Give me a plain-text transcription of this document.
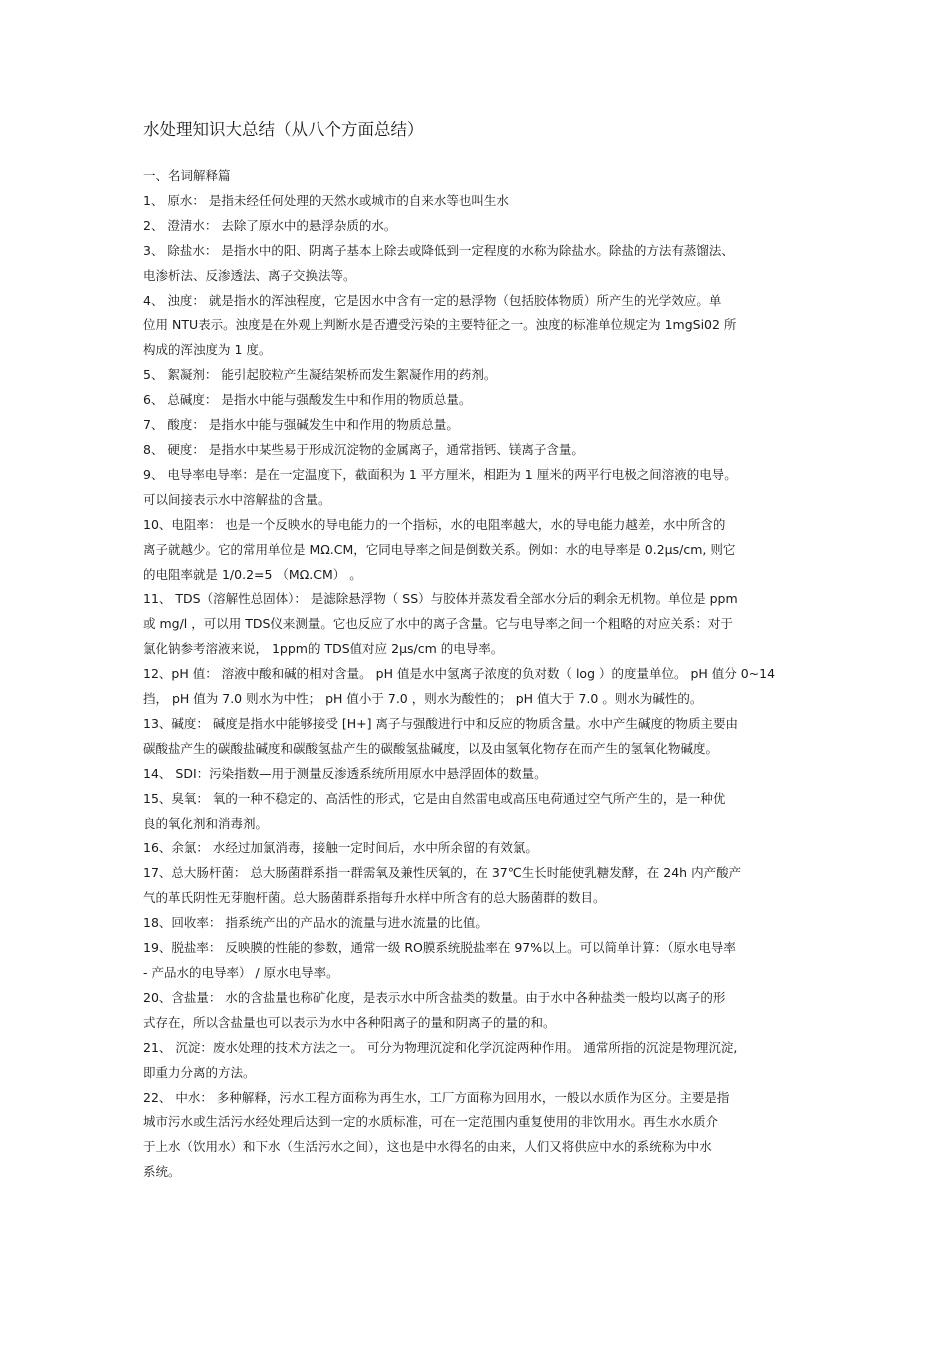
水处理知识大总结（从八个方面总结）
一、名词解释篇
1、 原水： 是指未经任何处理的天然水或城市的自来水等也叫生水
2、 澄清水： 去除了原水中的悬浮杂质的水。
3、 除盐水： 是指水中的阳、阴离子基本上除去或降低到一定程度的水称为除盐水。除盐的方法有蒸馏法、
电渗析法、反渗透法、离子交换法等。
4、 浊度： 就是指水的浑浊程度，它是因水中含有一定的悬浮物（包括胶体物质）所产生的光学效应。单
位用 NTU表示。浊度是在外观上判断水是否遭受污染的主要特征之一。浊度的标准单位规定为 1mgSi02 所
构成的浑浊度为 1 度。
5、 絮凝剂： 能引起胶粒产生凝结架桥而发生絮凝作用的药剂。
6、 总碱度： 是指水中能与强酸发生中和作用的物质总量。
7、 酸度： 是指水中能与强碱发生中和作用的物质总量。
8、 硬度： 是指水中某些易于形成沉淀物的金属离子，通常指钙、镁离子含量。
9、 电导率电导率：是在一定温度下，截面积为 1 平方厘米，相距为 1 厘米的两平行电极之间溶液的电导。
可以间接表示水中溶解盐的含量。
10、电阻率： 也是一个反映水的导电能力的一个指标，水的电阻率越大，水的导电能力越差，水中所含的
离子就越少。它的常用单位是 MΩ.CM，它同电导率之间是倒数关系。例如：水的电导率是 0.2μs/cm, 则它
的电阻率就是 1/0.2=5 （MΩ.CM） 。
11、 TDS（溶解性总固体）： 是滤除悬浮物（ SS）与胶体并蒸发看全部水分后的剩余无机物。单位是 ppm
或 mg/l ，可以用 TDS仪来测量。它也反应了水中的离子含量。它与电导率之间一个粗略的对应关系：对于
氯化钠参考溶液来说， 1ppm的 TDS值对应 2μs/cm 的电导率。
12、pH 值： 溶液中酸和碱的相对含量。 pH 值是水中氢离子浓度的负对数（ log ）的度量单位。 pH 值分 0~14
挡， pH 值为 7.0 则水为中性； pH 值小于 7.0 ，则水为酸性的； pH 值大于 7.0 。则水为碱性的。
13、碱度： 碱度是指水中能够接受 [H+] 离子与强酸进行中和反应的物质含量。水中产生碱度的物质主要由
碳酸盐产生的碳酸盐碱度和碳酸氢盐产生的碳酸氢盐碱度，以及由氢氧化物存在而产生的氢氧化物碱度。
14、 SDI：污染指数—用于测量反渗透系统所用原水中悬浮固体的数量。
15、臭氧： 氧的一种不稳定的、高活性的形式，它是由自然雷电或高压电荷通过空气所产生的，是一种优
良的氧化剂和消毒剂。
16、余氯： 水经过加氯消毒，接触一定时间后，水中所余留的有效氯。
17、总大肠杆菌： 总大肠菌群系指一群需氧及兼性厌氧的，在 37℃生长时能使乳糖发酵，在 24h 内产酸产
气的革氏阴性无芽胞杆菌。总大肠菌群系指每升水样中所含有的总大肠菌群的数目。
18、回收率： 指系统产出的产品水的流量与进水流量的比值。
19、脱盐率： 反映膜的性能的参数，通常一级 RO膜系统脱盐率在 97%以上。可以简单计算：（原水电导率
- 产品水的电导率） / 原水电导率。
20、含盐量： 水的含盐量也称矿化度，是表示水中所含盐类的数量。由于水中各种盐类一般均以离子的形
式存在，所以含盐量也可以表示为水中各种阳离子的量和阴离子的量的和。
21、 沉淀：废水处理的技术方法之一。 可分为物理沉淀和化学沉淀两种作用。 通常所指的沉淀是物理沉淀,
即重力分离的方法。
22、 中水： 多种解释，污水工程方面称为再生水，工厂方面称为回用水，一般以水质作为区分。主要是指
城市污水或生活污水经处理后达到一定的水质标准，可在一定范围内重复使用的非饮用水。再生水水质介
于上水（饮用水）和下水（生活污水之间），这也是中水得名的由来，人们又将供应中水的系统称为中水
系统。
